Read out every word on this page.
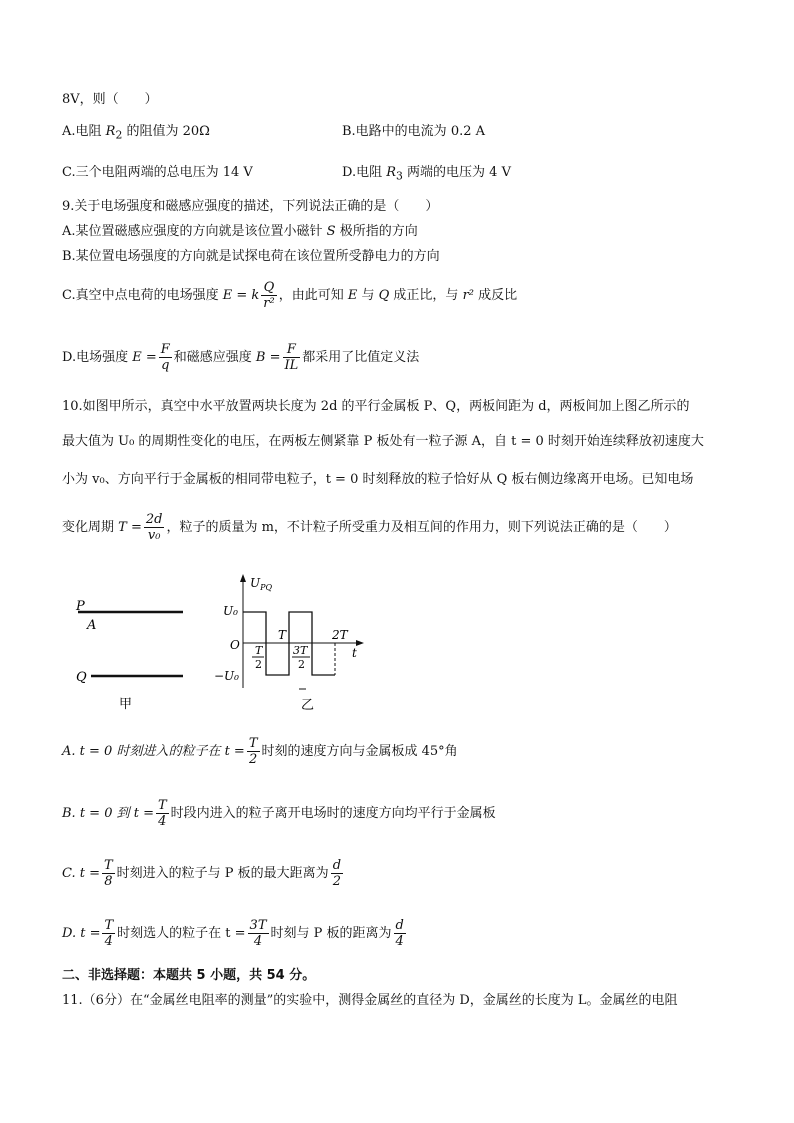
8V，则（　　）
A.电阻 $R_2$ 的阻值为 20Ω	B.电路中的电流为 0.2 A
C.三个电阻两端的总电压为 14 V	D.电阻 $R_3$ 两端的电压为 4 V
9.关于电场强度和磁感应强度的描述，下列说法正确的是（　　）
A.某位置磁感应强度的方向就是该位置小磁针 S 极所指的方向
B.某位置电场强度的方向就是试探电荷在该位置所受静电力的方向
C.真空中点电荷的电场强度 E = k $\frac{Q}{\text{r²}}$ ，由此可知 E 与 Q 成正比，与 r² 成反比
D.电场强度 $E = \frac{F}{q}$ 和磁感应强度 $B = \frac{F}{IL}$ 都采用了比值定义法
10.如图甲所示，真空中水平放置两块长度为 2d 的平行金属板 P、Q，两板间距为 d，两板间加上图乙所示的
最大值为 U₀ 的周期性变化的电压，在两板左侧紧靠 P 板处有一粒子源 A，自 t = 0 时刻开始连续释放初速度大
小为 v₀、方向平行于金属板的相同带电粒子，t = 0 时刻释放的粒子恰好从 Q 板右侧边缘离开电场。已知电场
变化周期 $T = \frac{2d}{\text{v₀}}$ ，粒子的质量为 m，不计粒子所受重力及相互间的作用力，则下列说法正确的是（　　）
P
A
Q
甲
$U_{PQ}$
U₀
−U₀
O
t
T	2T
T
2
3T
2
乙
A. t = 0 时刻进入的粒子在 $t = \frac{T}{2}$ 时刻的速度方向与金属板成 45°角
B. t = 0 到 $t = \frac{T}{4}$ 时段内进入的粒子离开电场时的速度方向均平行于金属板
C. $t = \frac{T}{8}$ 时刻进入的粒子与 P 板的最大距离为 $\frac{d}{2}$
D. $t = \frac{T}{4}$ 时刻选人的粒子在 $t = \frac{3T}{4}$ 时刻与 P 板的距离为 $\frac{d}{4}$
二、非选择题：本题共 5 小题，共 54 分。
11.（6分）在“金属丝电阻率的测量”的实验中，测得金属丝的直径为 D，金属丝的长度为 L。金属丝的电阻
